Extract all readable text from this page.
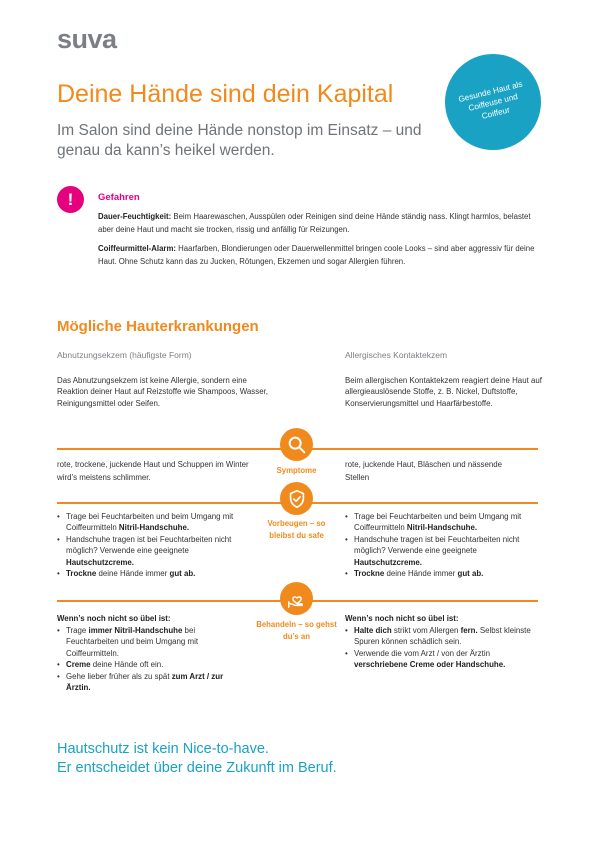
suva
Gesunde Haut als Coiffeuse und Coiffeur
Deine Hände sind dein Kapital

Im Salon sind deine Hände nonstop im Einsatz – und genau da kann’s heikel werden.

!	Gefahren

Dauer-Feuchtigkeit: Beim Haarewaschen, Ausspülen oder Reinigen sind deine Hände ständig nass. Klingt harmlos, belastet aber deine Haut und macht sie trocken, rissig und anfällig für Reizungen.

Coiffeurmittel-Alarm: Haarfarben, Blondierungen oder Dauerwellenmittel bringen coole Looks – sind aber aggressiv für deine Haut. Ohne Schutz kann das zu Jucken, Rötungen, Ekzemen und sogar Allergien führen.

Mögliche Hauterkrankungen
Abnutzungsekzem (häufigste Form)	Allergisches Kontaktekzem

Das Abnutzungsekzem ist keine Allergie, sondern eine Reaktion deiner Haut auf Reizstoffe wie Shampoos, Wasser, Reinigungsmittel oder Seifen.

Beim allergischen Kontaktekzem reagiert deine Haut auf allergieauslösende Stoffe, z. B. Nickel, Duftstoffe, Konservierungsmittel und Haarfärbestoffe.

Symptome

rote, trockene, juckende Haut und Schuppen im Winter wird’s meistens schlimmer.

rote, juckende Haut, Bläschen und nässende Stellen

Vorbeugen – so bleibst du safe
• Trage bei Feuchtarbeiten und beim Umgang mit Coiffeurmitteln Nitril-Handschuhe.
• Handschuhe tragen ist bei Feuchtarbeiten nicht möglich? Verwende eine geeignete Hautschutzcreme.
• Trockne deine Hände immer gut ab.
• Trage bei Feuchtarbeiten und beim Umgang mit Coiffeurmitteln Nitril-Handschuhe.
• Handschuhe tragen ist bei Feuchtarbeiten nicht möglich? Verwende eine geeignete Hautschutzcreme.
• Trockne deine Hände immer gut ab.
Behandeln – so gehst du’s an
Wenn’s noch nicht so übel ist:
• Trage immer Nitril-Handschuhe bei Feuchtarbeiten und beim Umgang mit Coiffeurmitteln.
• Creme deine Hände oft ein.
• Gehe lieber früher als zu spät zum Arzt / zur Ärztin.
Wenn’s noch nicht so übel ist:
• Halte dich strikt vom Allergen fern. Selbst kleinste Spuren können schädlich sein.
• Verwende die vom Arzt / von der Ärztin verschriebene Creme oder Handschuhe.
Hautschutz ist kein Nice-to-have.
Er entscheidet über deine Zukunft im Beruf.
